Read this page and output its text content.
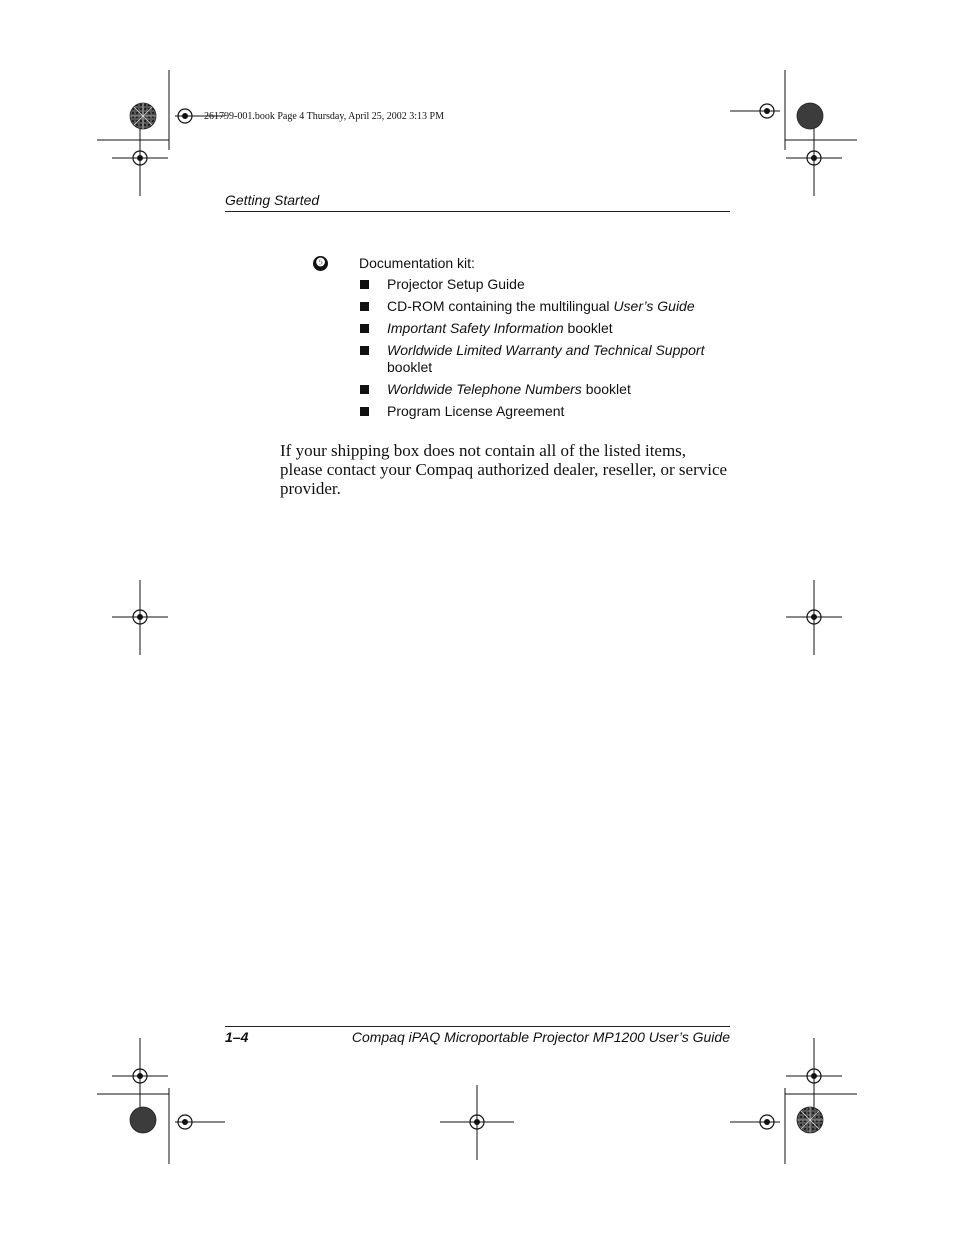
261799-001.book Page 4 Thursday, April 25, 2002 3:13 PM
Getting Started
❺ Documentation kit:
Projector Setup Guide
CD-ROM containing the multilingual User’s Guide
Important Safety Information booklet
Worldwide Limited Warranty and Technical Support booklet
Worldwide Telephone Numbers booklet
Program License Agreement

If your shipping box does not contain all of the listed items, please contact your Compaq authorized dealer, reseller, or service provider.

1–4	Compaq iPAQ Microportable Projector MP1200 User’s Guide
